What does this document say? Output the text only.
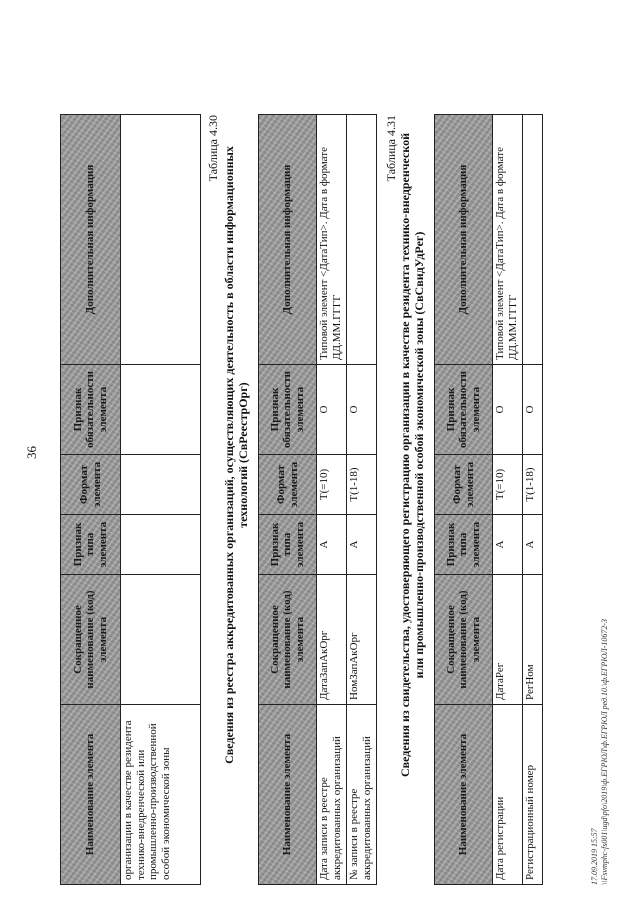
36
Наименование элемента	Сокращенное наименование (код) элемента	Признак типа элемента	Формат элемента	Признак обязательности элемента	Дополнительная информация
организации в качестве резидента технико-внедренческой или промышленно-производственной особой экономической зоны					
Таблица 4.30 Сведения из реестра аккредитованных организаций, осуществляющих деятельность в области информационных технологий (СвРеестрОрг)
Наименование элемента	Сокращенное наименование (код) элемента	Признак типа элемента	Формат элемента	Признак обязательности элемента	Дополнительная информация
Дата записи в реестре аккредитованных организаций	ДатаЗапАкОрг	А	T(=10)	О	Типовой элемент <ДатаТип>. Дата в формате ДД.ММ.ГГГГ
№ записи в реестре аккредитованных организаций	НомЗапАкОрг	А	T(1-18)	О	
Таблица 4.31 Сведения из свидетельства, удостоверяющего регистрацию организации в качестве резидента технико-внедренческой или промышленно-производственной особой экономической зоны (СвСвидУдРег)
Наименование элемента	Сокращенное наименование (код) элемента	Признак типа элемента	Формат элемента	Признак обязательности элемента	Дополнительная информация
Дата регистрации	ДатаРег	А	T(=10)	О	Типовой элемент <ДатаТип>. Дата в формате ДД.ММ.ГГГГ
Регистрационный номер	РегНом	А	T(1-18)	О	
17.09.2019 15:57 \\Fsvmphc-fs001\ugd\pfo\2019\ф.ЕГРЮЛ\ф.ЕГРЮЛ ред.10.\ф.ЕГРЮЛ-10672-3
